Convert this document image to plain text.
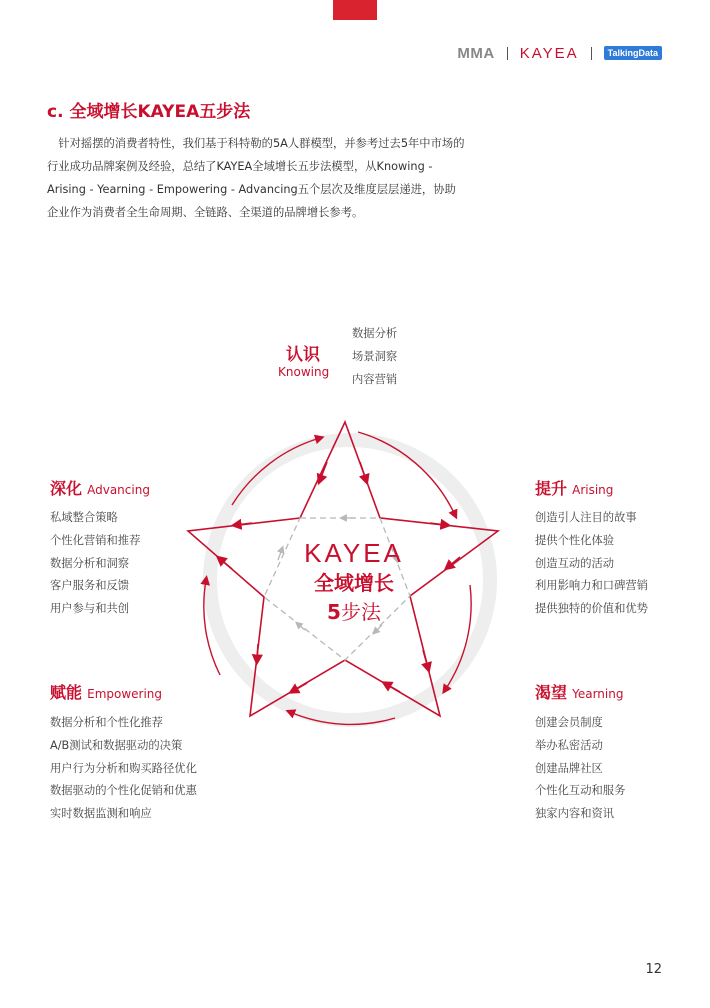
MMA KAYEA	TalkingData
c. 全域增长KAYEA五步法

针对摇摆的消费者特性，我们基于科特勒的5A人群模型，并参考过去5年中市场的行业成功品牌案例及经验，总结了KAYEA全域增长五步法模型，从Knowing - Arising - Yearning - Empowering - Advancing五个层次及维度层层递进，协助企业作为消费者全生命周期、全链路、全渠道的品牌增长参考。

KAYEA
全域增长
5步法
认识
Knowing
数据分析
场景洞察
内容营销
提升 Arising
创造引人注目的故事
提供个性化体验
创造互动的活动
利用影响力和口碑营销
提供独特的价值和优势
深化 Advancing
私域整合策略
个性化营销和推荐
数据分析和洞察
客户服务和反馈
用户参与和共创
赋能 Empowering
数据分析和个性化推荐
A/B测试和数据驱动的决策
用户行为分析和购买路径优化
数据驱动的个性化促销和优惠
实时数据监测和响应
渴望 Yearning
创建会员制度
举办私密活动
创建品牌社区
个性化互动和服务
独家内容和资讯
12
